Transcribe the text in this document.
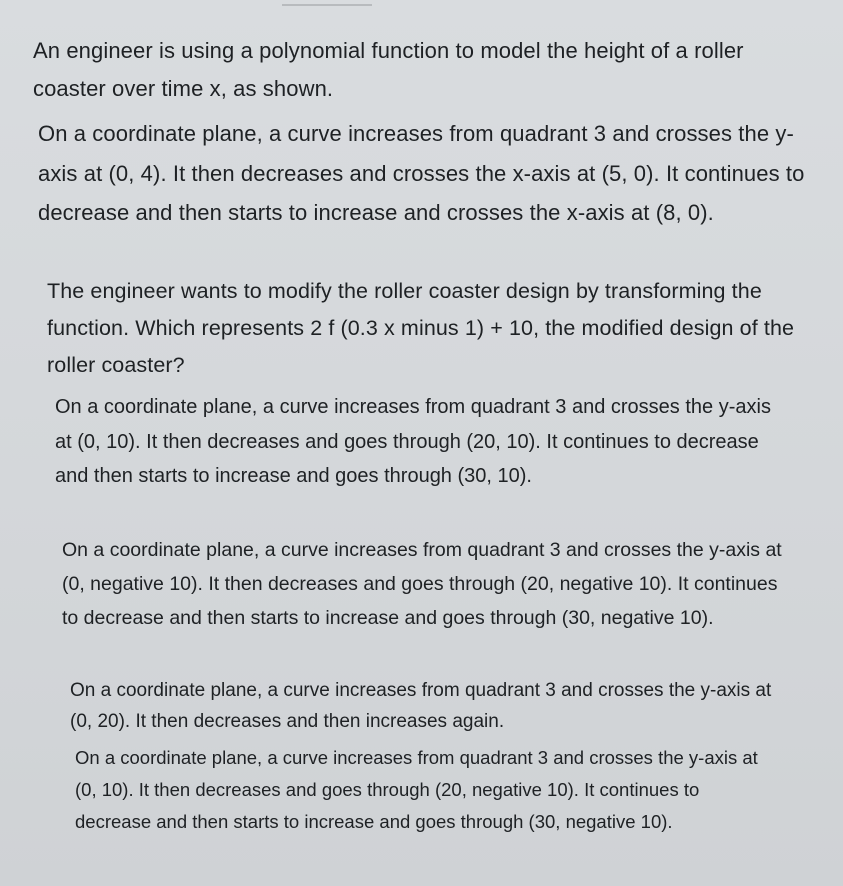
An engineer is using a polynomial function to model the height of a roller coaster over time x, as shown.
On a coordinate plane, a curve increases from quadrant 3 and crosses the y-axis at (0, 4). It then decreases and crosses the x-axis at (5, 0). It continues to decrease and then starts to increase and crosses the x-axis at (8, 0).
The engineer wants to modify the roller coaster design by transforming the function. Which represents 2 f (0.3 x minus 1) + 10, the modified design of the roller coaster?
On a coordinate plane, a curve increases from quadrant 3 and crosses the y-axis at (0, 10). It then decreases and goes through (20, 10). It continues to decrease and then starts to increase and goes through (30, 10).
On a coordinate plane, a curve increases from quadrant 3 and crosses the y-axis at (0, negative 10). It then decreases and goes through (20, negative 10). It continues to decrease and then starts to increase and goes through (30, negative 10).
On a coordinate plane, a curve increases from quadrant 3 and crosses the y-axis at (0, 20). It then decreases and then increases again.
On a coordinate plane, a curve increases from quadrant 3 and crosses the y-axis at (0, 10). It then decreases and goes through (20, negative 10). It continues to decrease and then starts to increase and goes through (30, negative 10).
